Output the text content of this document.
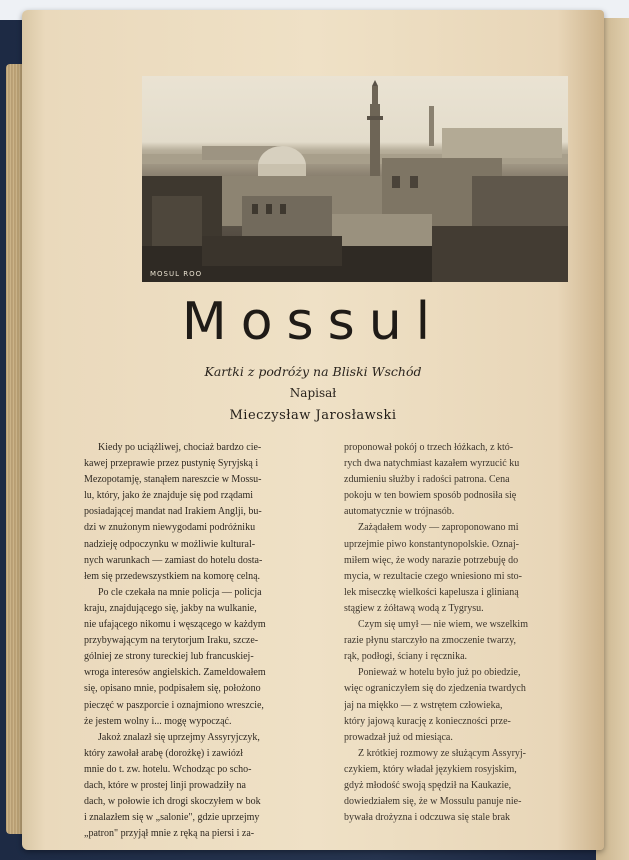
MOSUL ROO
Mossul
Kartki z podróży na Bliski Wschód
Napisał
Mieczysław Jarosławski
Kiedy po uciążliwej, chociaż bardzo cie-
kawej przeprawie przez pustynię Syryjską i
Mezopotamję, stanąłem nareszcie w Mossu-
lu, który, jako że znajduje się pod rządami
posiadającej mandat nad Irakiem Anglji, bu-
dzi w znużonym niewygodami podróżniku
nadzieję odpoczynku w możliwie kultural-
nych warunkach — zamiast do hotelu dosta-
łem się przedewszystkiem na komorę celną.
Po cle czekała na mnie policja — policja
kraju, znajdującego się, jakby na wulkanie,
nie ufającego nikomu i węszącego w każdym
przybywającym na terytorjum Iraku, szcze-
gólniej ze strony tureckiej lub francuskiej-
wroga interesów angielskich. Zameldowałem
się, opisano mnie, podpisałem się, położono
pieczęć w paszporcie i oznajmiono wreszcie,
że jestem wolny i... mogę wypocząć.
Jakoż znalazł się uprzejmy Assyryjczyk,
który zawołał arabę (dorożkę) i zawiózł
mnie do t. zw. hotelu. Wchodząc po scho-
dach, które w prostej linji prowadziły na
dach, w połowie ich drogi skoczyłem w bok
i znalazłem się w „salonie", gdzie uprzejmy
„patron" przyjął mnie z ręką na piersi i za-
proponował pokój o trzech łóżkach, z któ-
rych dwa natychmiast kazałem wyrzucić ku
zdumieniu służby i radości patrona. Cena
pokoju w ten bowiem sposób podnosiła się
automatycznie w trójnasób.
Zażądałem wody — zaproponowano mi
uprzejmie piwo konstantynopolskie. Oznaj-
miłem więc, że wody narazie potrzebuję do
mycia, w rezultacie czego wniesiono mi sto-
lek miseczkę wielkości kapelusza i glinianą
stągiew z żółtawą wodą z Tygrysu.
Czym się umył — nie wiem, we wszelkim
razie płynu starczyło na zmoczenie twarzy,
rąk, podłogi, ściany i ręcznika.
Ponieważ w hotelu było już po obiedzie,
więc ograniczyłem się do zjedzenia twardych
jaj na miękko — z wstrętem człowieka,
który jajową kurację z konieczności prze-
prowadzał już od miesiąca.
Z krótkiej rozmowy ze służącym Assyryj-
czykiem, który władał językiem rosyjskim,
gdyż młodość swoją spędził na Kaukazie,
dowiedziałem się, że w Mossulu panuje nie-
bywała drożyzna i odczuwa się stale brak
